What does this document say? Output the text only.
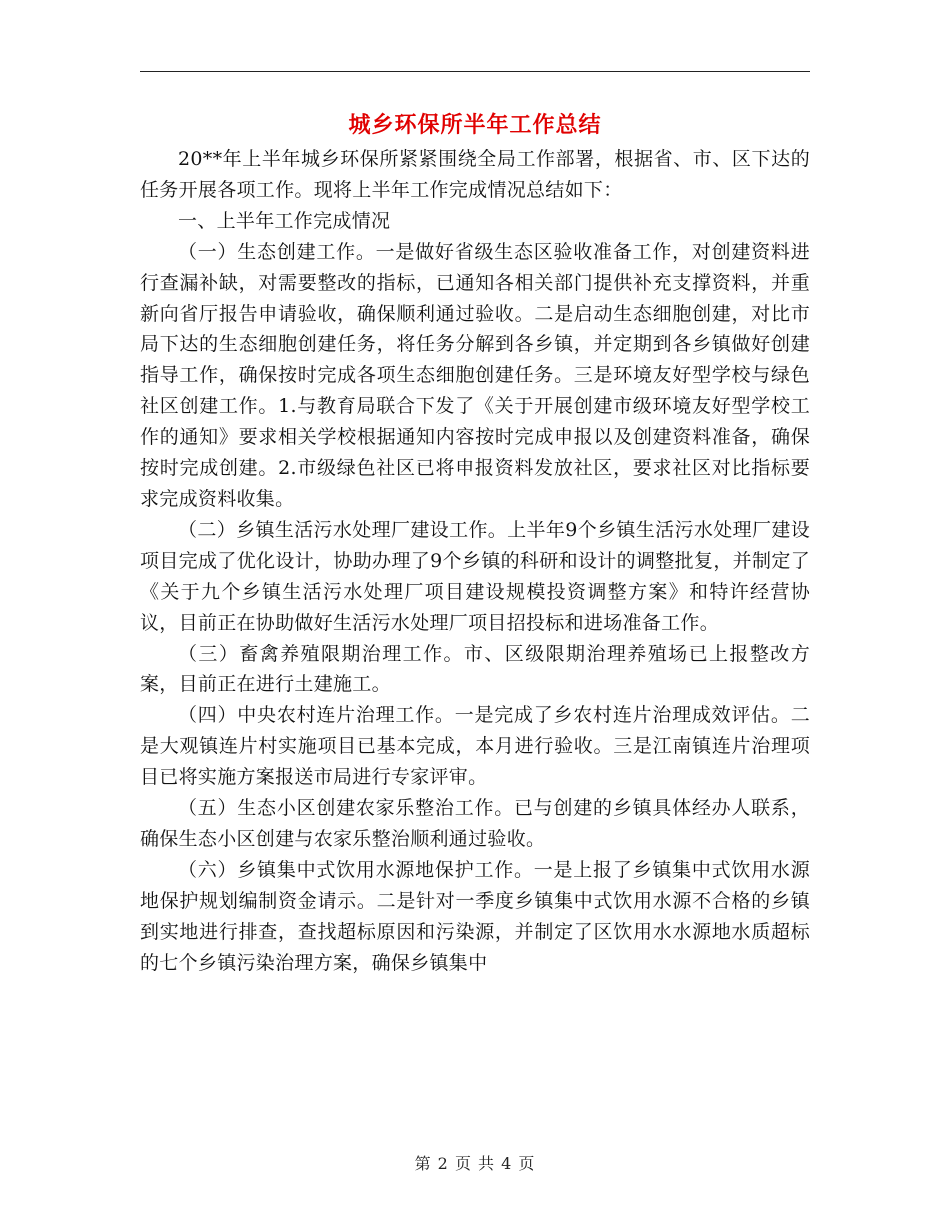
城乡环保所半年工作总结

20**年上半年城乡环保所紧紧围绕全局工作部署，根据省、市、区下达的任务开展各项工作。现将上半年工作完成情况总结如下：

一、上半年工作完成情况

（一）生态创建工作。一是做好省级生态区验收准备工作，对创建资料进行查漏补缺，对需要整改的指标，已通知各相关部门提供补充支撑资料，并重新向省厅报告申请验收，确保顺利通过验收。二是启动生态细胞创建，对比市局下达的生态细胞创建任务，将任务分解到各乡镇，并定期到各乡镇做好创建指导工作，确保按时完成各项生态细胞创建任务。三是环境友好型学校与绿色社区创建工作。1.与教育局联合下发了《关于开展创建市级环境友好型学校工作的通知》要求相关学校根据通知内容按时完成申报以及创建资料准备，确保按时完成创建。2.市级绿色社区已将申报资料发放社区，要求社区对比指标要求完成资料收集。

（二）乡镇生活污水处理厂建设工作。上半年9个乡镇生活污水处理厂建设项目完成了优化设计，协助办理了9个乡镇的科研和设计的调整批复，并制定了《关于九个乡镇生活污水处理厂项目建设规模投资调整方案》和特许经营协议，目前正在协助做好生活污水处理厂项目招投标和进场准备工作。

（三）畜禽养殖限期治理工作。市、区级限期治理养殖场已上报整改方案，目前正在进行土建施工。

（四）中央农村连片治理工作。一是完成了乡农村连片治理成效评估。二是大观镇连片村实施项目已基本完成，本月进行验收。三是江南镇连片治理项目已将实施方案报送市局进行专家评审。

（五）生态小区创建农家乐整治工作。已与创建的乡镇具体经办人联系，确保生态小区创建与农家乐整治顺利通过验收。

（六）乡镇集中式饮用水源地保护工作。一是上报了乡镇集中式饮用水源地保护规划编制资金请示。二是针对一季度乡镇集中式饮用水源不合格的乡镇到实地进行排查，查找超标原因和污染源，并制定了区饮用水水源地水质超标的七个乡镇污染治理方案，确保乡镇集中

第 2 页 共 4 页
